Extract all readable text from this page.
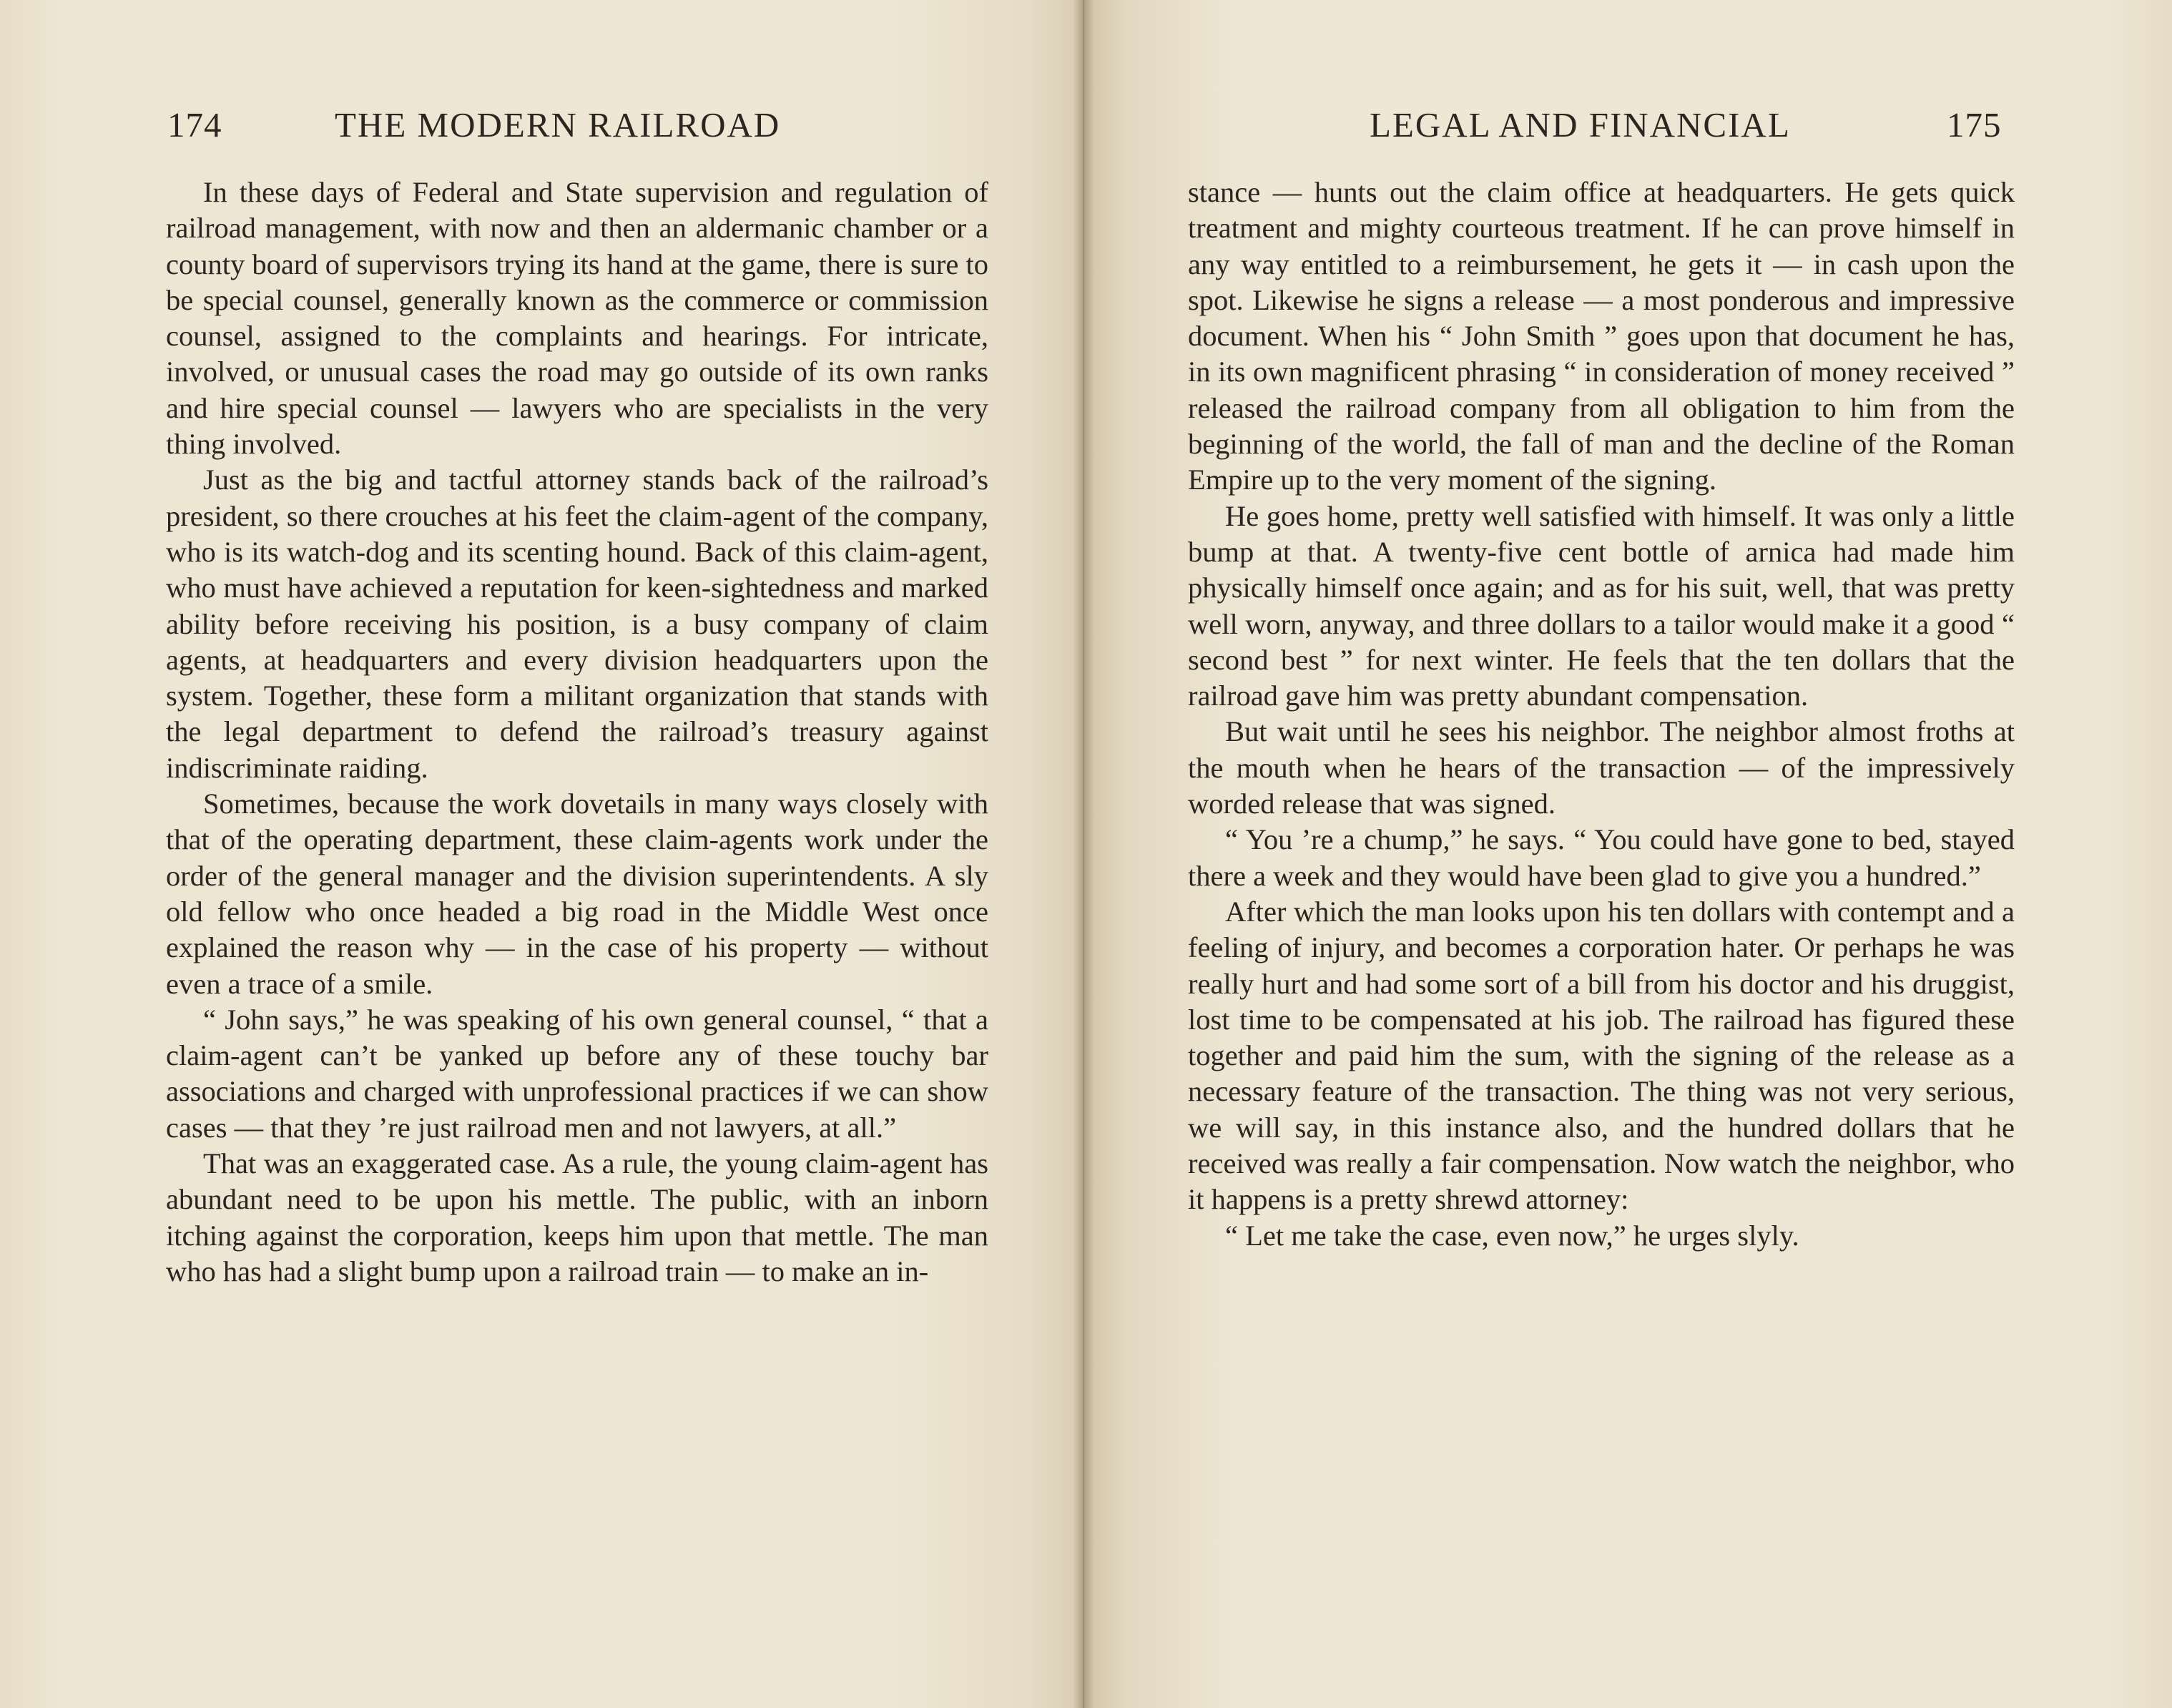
174	THE MODERN RAILROAD

In these days of Federal and State supervision and regulation of railroad management, with now and then an aldermanic chamber or a county board of supervisors trying its hand at the game, there is sure to be special counsel, generally known as the commerce or commission counsel, assigned to the complaints and hearings. For intricate, involved, or unusual cases the road may go outside of its own ranks and hire special counsel — lawyers who are specialists in the very thing involved.

Just as the big and tactful attorney stands back of the railroad’s president, so there crouches at his feet the claim-agent of the company, who is its watch-dog and its scenting hound. Back of this claim-agent, who must have achieved a reputation for keen-sightedness and marked ability before receiving his position, is a busy company of claim agents, at headquarters and every division headquarters upon the system. Together, these form a militant organization that stands with the legal department to defend the railroad’s treasury against indiscriminate raiding.

Sometimes, because the work dovetails in many ways closely with that of the operating department, these claim-agents work under the order of the general manager and the division superintendents. A sly old fellow who once headed a big road in the Middle West once explained the reason why — in the case of his property — without even a trace of a smile.

“ John says,” he was speaking of his own general counsel, “ that a claim-agent can’t be yanked up before any of these touchy bar associations and charged with unprofessional practices if we can show cases — that they ’re just railroad men and not lawyers, at all.”

That was an exaggerated case. As a rule, the young claim-agent has abundant need to be upon his mettle. The public, with an inborn itching against the corporation, keeps him upon that mettle. The man who has had a slight bump upon a railroad train — to make an in-

LEGAL AND FINANCIAL	175

stance — hunts out the claim office at headquarters. He gets quick treatment and mighty courteous treatment. If he can prove himself in any way entitled to a reimbursement, he gets it — in cash upon the spot. Likewise he signs a release — a most ponderous and impressive document. When his “ John Smith ” goes upon that document he has, in its own magnificent phrasing “ in consideration of money received ” released the railroad company from all obligation to him from the beginning of the world, the fall of man and the decline of the Roman Empire up to the very moment of the signing.

He goes home, pretty well satisfied with himself. It was only a little bump at that. A twenty-five cent bottle of arnica had made him physically himself once again; and as for his suit, well, that was pretty well worn, anyway, and three dollars to a tailor would make it a good “ second best ” for next winter. He feels that the ten dollars that the railroad gave him was pretty abundant compensation.

But wait until he sees his neighbor. The neighbor almost froths at the mouth when he hears of the transaction — of the impressively worded release that was signed.

“ You ’re a chump,” he says. “ You could have gone to bed, stayed there a week and they would have been glad to give you a hundred.”

After which the man looks upon his ten dollars with contempt and a feeling of injury, and becomes a corporation hater. Or perhaps he was really hurt and had some sort of a bill from his doctor and his druggist, lost time to be compensated at his job. The railroad has figured these together and paid him the sum, with the signing of the release as a necessary feature of the transaction. The thing was not very serious, we will say, in this instance also, and the hundred dollars that he received was really a fair compensation. Now watch the neighbor, who it happens is a pretty shrewd attorney:

“ Let me take the case, even now,” he urges slyly.
